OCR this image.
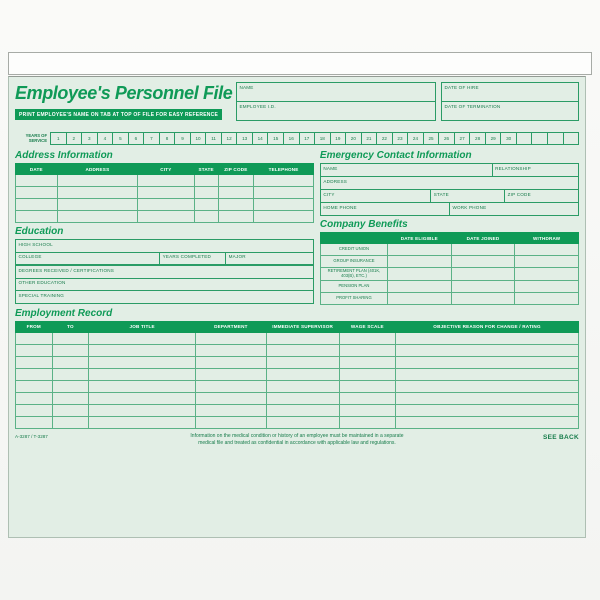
Employee's Personnel File
PRINT EMPLOYEE'S NAME ON TAB AT TOP OF FILE FOR EASY REFERENCE
NAME
EMPLOYEE I.D.
DATE OF HIRE
DATE OF TERMINATION
YEARS OF SERVICE	1	2	3	4	5	6	7	8	9	10	11	12	13	14	15	16	17	18	19	20	21	22	23	24	25	26	27	28	29	30
Address Information
DATE	ADDRESS	CITY	STATE	ZIP CODE	TELEPHONE

Education
HIGH SCHOOL
COLLEGE	YEARS COMPLETED	MAJOR
DEGREES RECEIVED / CERTIFICATIONS
OTHER EDUCATION
SPECIAL TRAINING
Emergency Contact Information
NAME	RELATIONSHIP
ADDRESS
CITY	STATE	ZIP CODE
HOME PHONE	WORK PHONE
Company Benefits
	DATE ELIGIBLE	DATE JOINED	WITHDRAW
CREDIT UNION			
GROUP INSURANCE			
RETIREMENT PLAN (401K, 403(B), ETC.)			
PENSION PLAN			
PROFIT SHARING			
Employment Record
FROM	TO	JOB TITLE	DEPARTMENT	IMMEDIATE SUPERVISOR	WAGE SCALE	OBJECTIVE REASON FOR CHANGE / RATING

A-3287 / T-3287	Information on the medical condition or history of an employee must be maintained in a separate
medical file and treated as confidential in accordance with applicable law and regulations.
SEE BACK
